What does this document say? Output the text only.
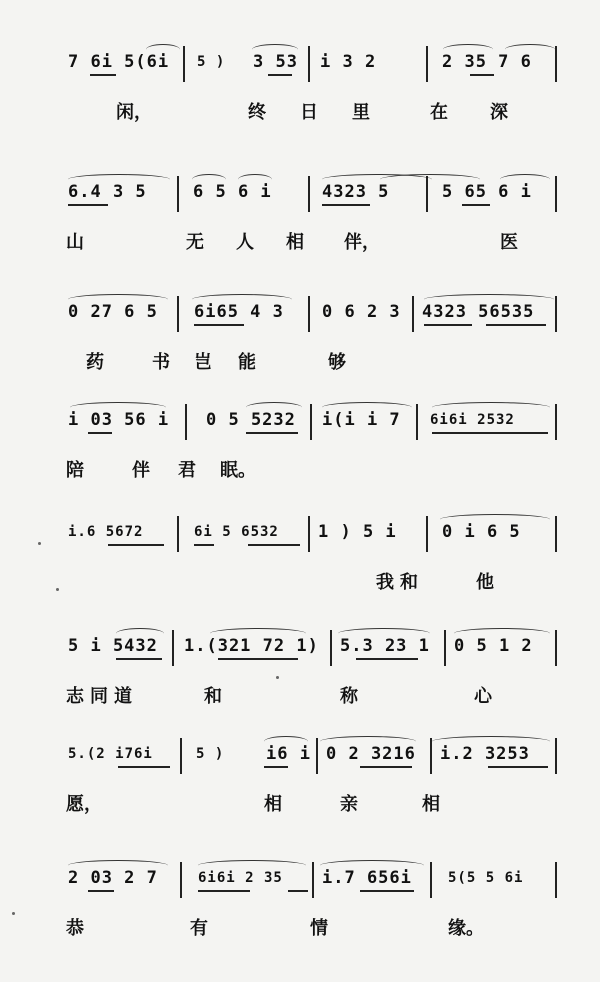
7 6i 5(6i 5 ) 3 53 i 3 2	2 35 7 6
闲，	终 日 里	在 深
6.4 3 5	6 5 6 i	4323 5	5 65 6 i
山	无 人 相 伴，	医
0 27 6 5 6i65 4 3 0 6 2 3 4323 56535
药	书 岂 能	够
i 03 56 i 0 5 5232 i(i i 7 6i6i 2532
陪	伴 君 眠。
i.6 5672	6i 5 6532 1 ) 5 i	0 i 6 5
我 和	他
5 i 5432 1.(321 72 1) 5.3 23 1 0 5 1 2
志 同 道	和	称	心
5.(2 i76i	5 ) i6 i 0 2 3216 i.2 3253
愿，	相	亲	相
2 03 2 7	6i6i 2 35 i.7 656i	5(5 5 6i
恭	有	情	缘。
